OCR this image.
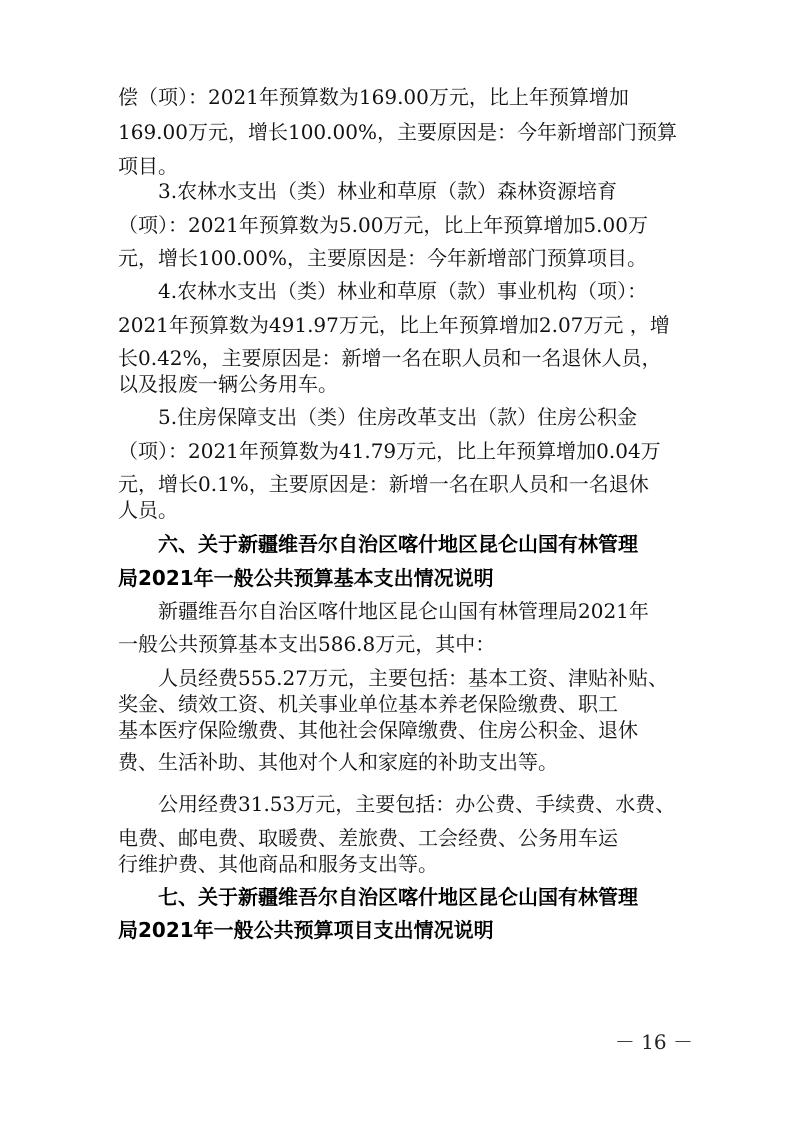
偿（项）：2021年预算数为169.00万元，比上年预算增加
169.00万元，增长100.00%，主要原因是：今年新增部门预算
项目。
　　3.农林水支出（类）林业和草原（款）森林资源培育
（项）：2021年预算数为5.00万元，比上年预算增加5.00万
元，增长100.00%，主要原因是：今年新增部门预算项目。
　　4.农林水支出（类）林业和草原（款）事业机构（项）：
2021年预算数为491.97万元，比上年预算增加2.07万元 ，增
长0.42%，主要原因是：新增一名在职人员和一名退休人员，
以及报废一辆公务用车。
　　5.住房保障支出（类）住房改革支出（款）住房公积金
（项）：2021年预算数为41.79万元，比上年预算增加0.04万
元，增长0.1%，主要原因是：新增一名在职人员和一名退休
人员。
　　六、关于新疆维吾尔自治区喀什地区昆仑山国有林管理
局2021年一般公共预算基本支出情况说明
　　新疆维吾尔自治区喀什地区昆仑山国有林管理局2021年
一般公共预算基本支出586.8万元，其中：
　　人员经费555.27万元，主要包括：基本工资、津贴补贴、
奖金、绩效工资、机关事业单位基本养老保险缴费、职工
基本医疗保险缴费、其他社会保障缴费、住房公积金、退休
费、生活补助、其他对个人和家庭的补助支出等。
　　公用经费31.53万元，主要包括：办公费、手续费、水费、
电费、邮电费、取暖费、差旅费、工会经费、公务用车运
行维护费、其他商品和服务支出等。
　　七、关于新疆维吾尔自治区喀什地区昆仑山国有林管理
局2021年一般公共预算项目支出情况说明
－ 16 －
